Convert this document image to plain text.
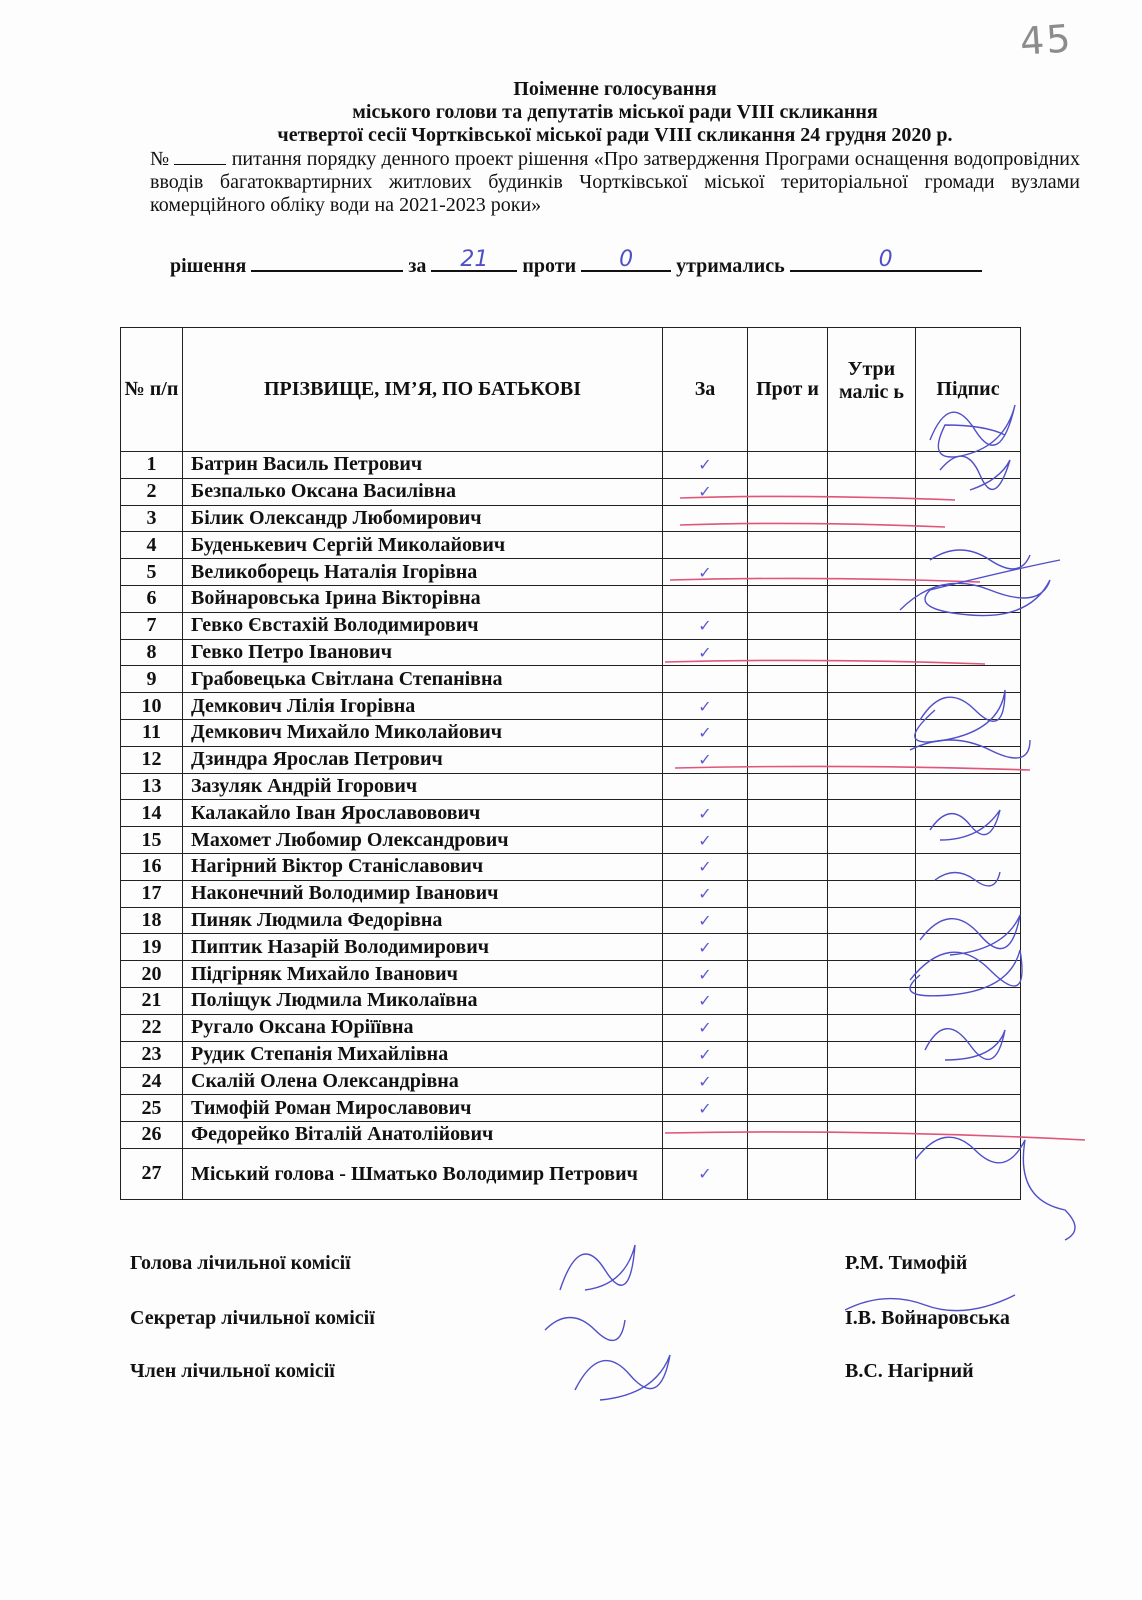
45
Поіменне голосування
міського голови та депутатів міської ради VIII скликання
четвертої сесії Чортківської міської ради VIII скликання 24 грудня 2020 р.
№	питання порядку денного проект рішення «Про затвердження Програми оснащення водопровідних вводів багатоквартирних житлових будинків Чортківської міської територіальної громади вузлами комерційного обліку води на 2021-2023 роки»
рішення	за	21	проти	0	утримались	0
№ п/п	ПРІЗВИЩЕ, ІМ’Я, ПО БАТЬКОВІ	За	Прот и	Утри маліс ь	Підпис
1	Батрин Василь Петрович	✓			
2	Безпалько Оксана Василівна	✓			
3	Білик Олександр Любомирович				
4	Буденькевич Сергій Миколайович				
5	Великоборець Наталія Ігорівна	✓			
6	Войнаровська Ірина Вікторівна				
7	Гевко Євстахій Володимирович	✓			
8	Гевко Петро Іванович	✓			
9	Грабовецька Світлана Степанівна				
10	Демкович Лілія Ігорівна	✓			
11	Демкович Михайло Миколайович	✓			
12	Дзиндра Ярослав Петрович	✓			
13	Зазуляк Андрій Ігорович				
14	Калакайло Іван Ярославовович	✓			
15	Махомет Любомир Олександрович	✓			
16	Нагірний Віктор Станіславович	✓			
17	Наконечний Володимир Іванович	✓			
18	Пиняк Людмила Федорівна	✓			
19	Пиптик Назарій Володимирович	✓			
20	Підгірняк Михайло Іванович	✓			
21	Поліщук Людмила Миколаївна	✓			
22	Ругало Оксана Юріїївна	✓			
23	Рудик Степанія Михайлівна	✓			
24	Скалій Олена Олександрівна	✓			
25	Тимофій Роман Мирославович	✓			
26	Федорейко Віталій Анатолійович				
27	Міський голова - Шматько Володимир Петрович	✓			
Голова лічильної комісії	Р.М. Тимофій
Секретар лічильної комісії	І.В. Войнаровська
Член лічильної комісії	В.С. Нагірний
